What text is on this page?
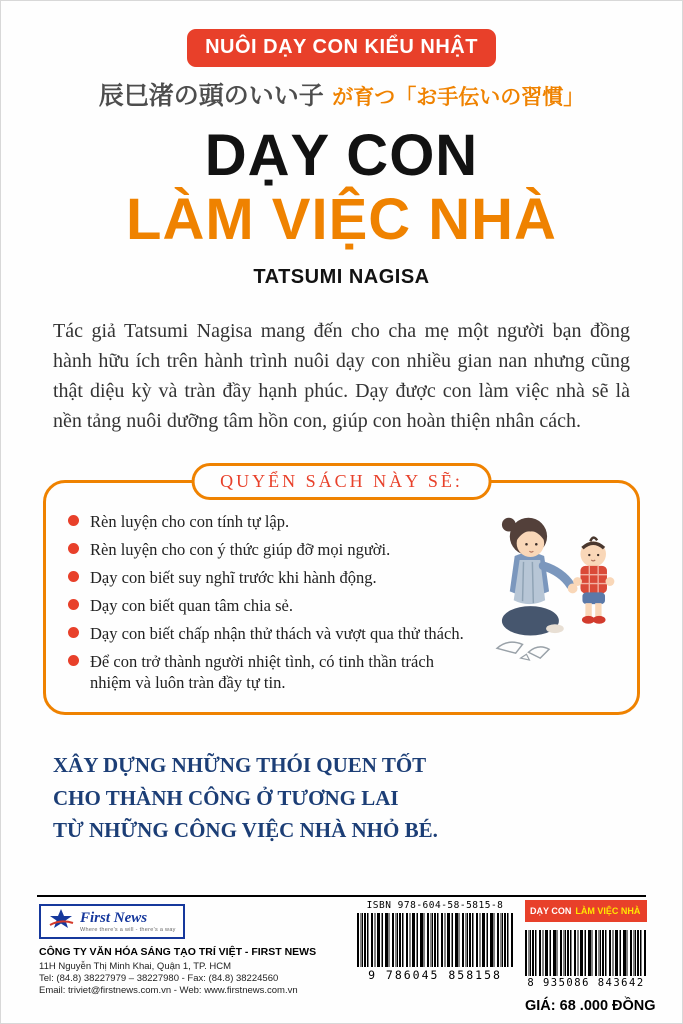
NUÔI DẠY CON KIỂU NHẬT
辰巳渚の頭のいい子 が育つ「お手伝いの習慣」
DẠY CON
LÀM VIỆC NHÀ
TATSUMI NAGISA

Tác giả Tatsumi Nagisa mang đến cho cha mẹ một người bạn đồng hành hữu ích trên hành trình nuôi dạy con nhiều gian nan nhưng cũng thật diệu kỳ và tràn đầy hạnh phúc. Dạy được con làm việc nhà sẽ là nền tảng nuôi dưỡng tâm hồn con, giúp con hoàn thiện nhân cách.

QUYỂN SÁCH NÀY SẼ:
Rèn luyện cho con tính tự lập.
Rèn luyện cho con ý thức giúp đỡ mọi người.
Dạy con biết suy nghĩ trước khi hành động.
Dạy con biết quan tâm chia sẻ.
Dạy con biết chấp nhận thử thách và vượt qua thử thách.
Để con trở thành người nhiệt tình, có tinh thần trách nhiệm và luôn tràn đầy tự tin.
XÂY DỰNG NHỮNG THÓI QUEN TỐT
CHO THÀNH CÔNG Ở TƯƠNG LAI
TỪ NHỮNG CÔNG VIỆC NHÀ NHỎ BÉ.
First News
Where there's a will - there's a way
CÔNG TY VĂN HÓA SÁNG TẠO TRÍ VIỆT - FIRST NEWS
11H Nguyễn Thị Minh Khai, Quận 1, TP. HCM
Tel: (84.8) 38227979 – 38227980 - Fax: (84.8) 38224560
Email: triviet@firstnews.com.vn - Web: www.firstnews.com.vn
ISBN 978-604-58-5815-8
9 786045 858158
DẠY CON LÀM VIỆC NHÀ
8 935086 843642
GIÁ: 68 .000 ĐỒNG
